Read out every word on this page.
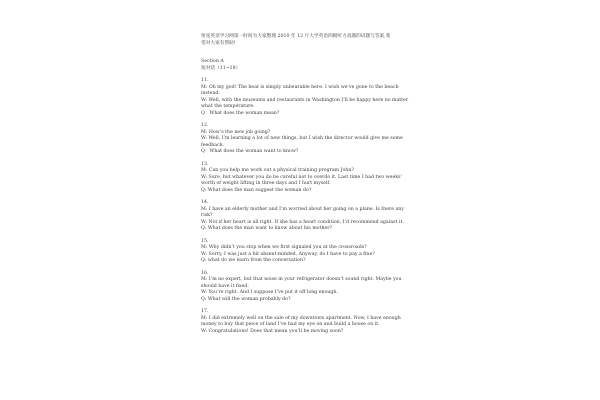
恒星英语学习网第一时间为大家整理 2010 年 12 月大学英语四级听力真题的试题与答案,希
望对大家有帮助!
Section A
短对话（11~18）
11.
M: Oh my god! The heat is simply unbearable here. I wish we’ve gone to the beach instead.
W: Well, with the museums and restaurants in Washington I’ll be happy here no matter what the temperature.
Q：What does the woman mean?
12.
M: How’s the new job going?
W: Well, I’m learning a lot of new things, but I wish the director would give me some feedback.
Q：What does the woman want to know?
13.
M: Can you help me work out a physical training program John?
W: Sure, but whatever you do be careful not to overdo it. Last time I had two weeks’ worth of weight lifting in three days and I hurt myself.
Q: What does the man suggest the woman do?
14.
M: I have an elderly mother and I’m worried about her going on a plane. Is there any risk?
W: Not if her heart is all right. If she has a heart condition, I’d recommend against it.
Q: What does the man want to know about his mother?
15.
M: Why didn’t you stop when we first signaled you at the crossroads?
W: Sorry, I was just a bit absent-minded. Anyway, do I have to pay a fine?
Q: what do we learn from the conversation?
16.
M: I’m no expert, but that noise in your refrigerator doesn’t sound right. Maybe you should have it fixed.
W: You’re right. And I suppose I’ve put it off long enough.
Q: What will the woman probably do?
17.
M: I did extremely well on the sale of my downtown apartment. Now, I have enough money to buy that piece of land I’ve had my eye on and build a house on it.
W: Congratulations! Does that mean you’ll be moving soon?
